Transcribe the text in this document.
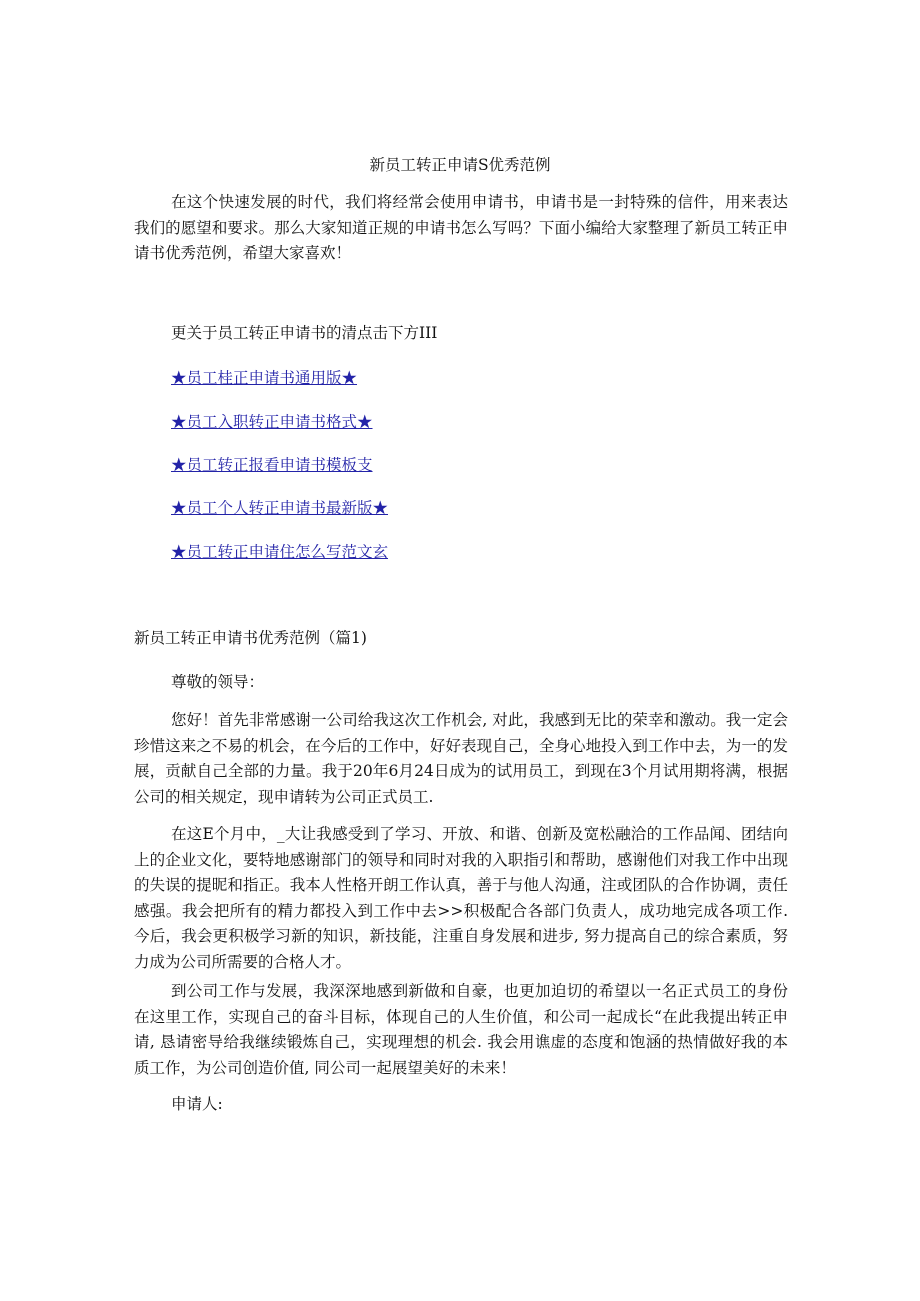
新员工转正申请S优秀范例

在这个快速发展的时代，我们将经常会使用申请书，申请书是一封特殊的信件，用来表达我们的愿望和要求。那么大家知道正规的申请书怎么写吗？下面小编给大家整理了新员工转正申请书优秀范例，希望大家喜欢！

更关于员工转正申请书的清点击下方III
★员工桂正申请书通用版★
★员工入职转正申请书格式★
★员工转正报看申请书模板支
★员工个人转正申请书最新版★
★员工转正申请住怎么写范文玄
新员工转正申请书优秀范例（篇1)
尊敬的领导：

您好！首先非常感谢一公司给我这次工作机会, 对此，我感到无比的荣幸和激动。我一定会珍惜这来之不易的机会，在今后的工作中，好好表现自己，全身心地投入到工作中去，为一的发展，贡献自己全部的力量。我于20年6月24日成为的试用员工，到现在3个月试用期将满，根据公司的相关规定，现申请转为公司正式员工.

在这E个月中，_大让我感受到了学习、开放、和谐、创新及宽松融洽的工作品闻、团结向上的企业文化，要特地感谢部门的领导和同时对我的入职指引和帮助，感谢他们对我工作中出现的失误的提昵和指正。我本人性格开朗工作认真，善于与他人沟通，注或团队的合作协调，责任感强。我会把所有的精力都投入到工作中去>>积极配合各部门负责人，成功地完成各项工作. 今后，我会更积极学习新的知识，新技能，注重自身发展和进步, 努力提高自己的综合素质，努力成为公司所需要的合格人才。

到公司工作与发展，我深深地感到新做和自豪，也更加迫切的希望以一名正式员工的身份在这里工作，实现自己的奋斗目标，体现自己的人生价值，和公司一起成长“在此我提出转正申请, 恳请密导给我继续锻炼自己，实现理想的机会. 我会用谯虚的态度和饱涵的热情做好我的本质工作，为公司创造价值, 同公司一起展望美好的未来！

申请人:
